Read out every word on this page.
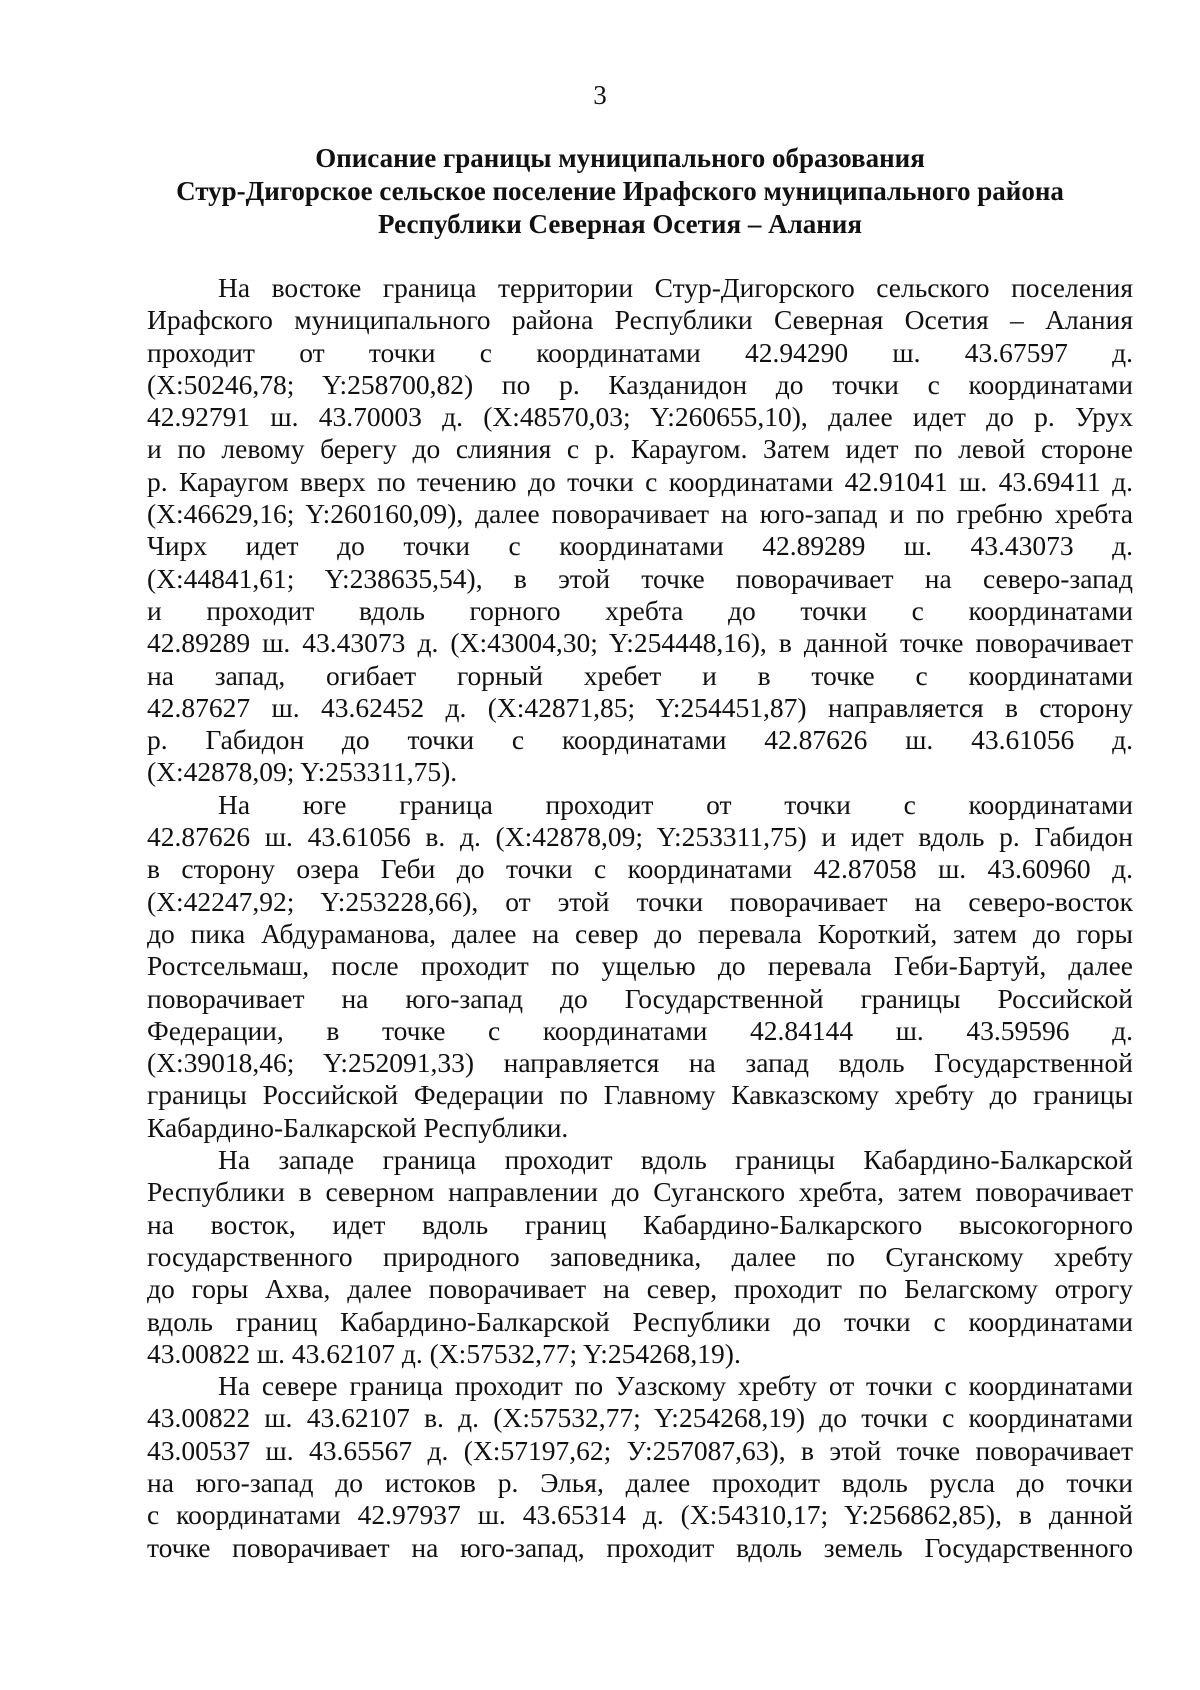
3
Описание границы муниципального образования
Стур-Дигорское сельское поселение Ирафского муниципального района
Республики Северная Осетия – Алания
На востоке граница территории Стур-Дигорского сельского поселения
Ирафского муниципального района Республики Северная Осетия – Алания
проходит от точки с координатами 42.94290 ш. 43.67597 д.
(X:50246,78; Y:258700,82) по р. Казданидон до точки с координатами
42.92791 ш. 43.70003 д. (X:48570,03; Y:260655,10), далее идет до р. Урух
и по левому берегу до слияния с р. Караугом. Затем идет по левой стороне
р. Караугом вверх по течению до точки с координатами 42.91041 ш. 43.69411 д.
(X:46629,16; Y:260160,09), далее поворачивает на юго-запад и по гребню хребта
Чирх идет до точки с координатами 42.89289 ш. 43.43073 д.
(X:44841,61; Y:238635,54), в этой точке поворачивает на северо-запад
и проходит вдоль горного хребта до точки с координатами
42.89289 ш. 43.43073 д. (X:43004,30; Y:254448,16), в данной точке поворачивает
на запад, огибает горный хребет и в точке с координатами
42.87627 ш. 43.62452 д. (X:42871,85; Y:254451,87) направляется в сторону
р. Габидон до точки с координатами 42.87626 ш. 43.61056 д.
(X:42878,09; Y:253311,75).
На юге граница проходит от точки с координатами
42.87626 ш. 43.61056 в. д. (X:42878,09; Y:253311,75) и идет вдоль р. Габидон
в сторону озера Геби до точки с координатами 42.87058 ш. 43.60960 д.
(X:42247,92; Y:253228,66), от этой точки поворачивает на северо-восток
до пика Абдураманова, далее на север до перевала Короткий, затем до горы
Ростсельмаш, после проходит по ущелью до перевала Геби-Бартуй, далее
поворачивает на юго-запад до Государственной границы Российской
Федерации, в точке с координатами 42.84144 ш. 43.59596 д.
(X:39018,46; Y:252091,33) направляется на запад вдоль Государственной
границы Российской Федерации по Главному Кавказскому хребту до границы
Кабардино-Балкарской Республики.
На западе граница проходит вдоль границы Кабардино-Балкарской
Республики в северном направлении до Суганского хребта, затем поворачивает
на восток, идет вдоль границ Кабардино-Балкарского высокогорного
государственного природного заповедника, далее по Суганскому хребту
до горы Ахва, далее поворачивает на север, проходит по Белагскому отрогу
вдоль границ Кабардино-Балкарской Республики до точки с координатами
43.00822 ш. 43.62107 д. (X:57532,77; Y:254268,19).
На севере граница проходит по Уазскому хребту от точки с координатами
43.00822 ш. 43.62107 в. д. (X:57532,77; Y:254268,19) до точки с координатами
43.00537 ш. 43.65567 д. (X:57197,62; У:257087,63), в этой точке поворачивает
на юго-запад до истоков р. Элья, далее проходит вдоль русла до точки
с координатами 42.97937 ш. 43.65314 д. (X:54310,17; Y:256862,85), в данной
точке поворачивает на юго-запад, проходит вдоль земель Государственного
